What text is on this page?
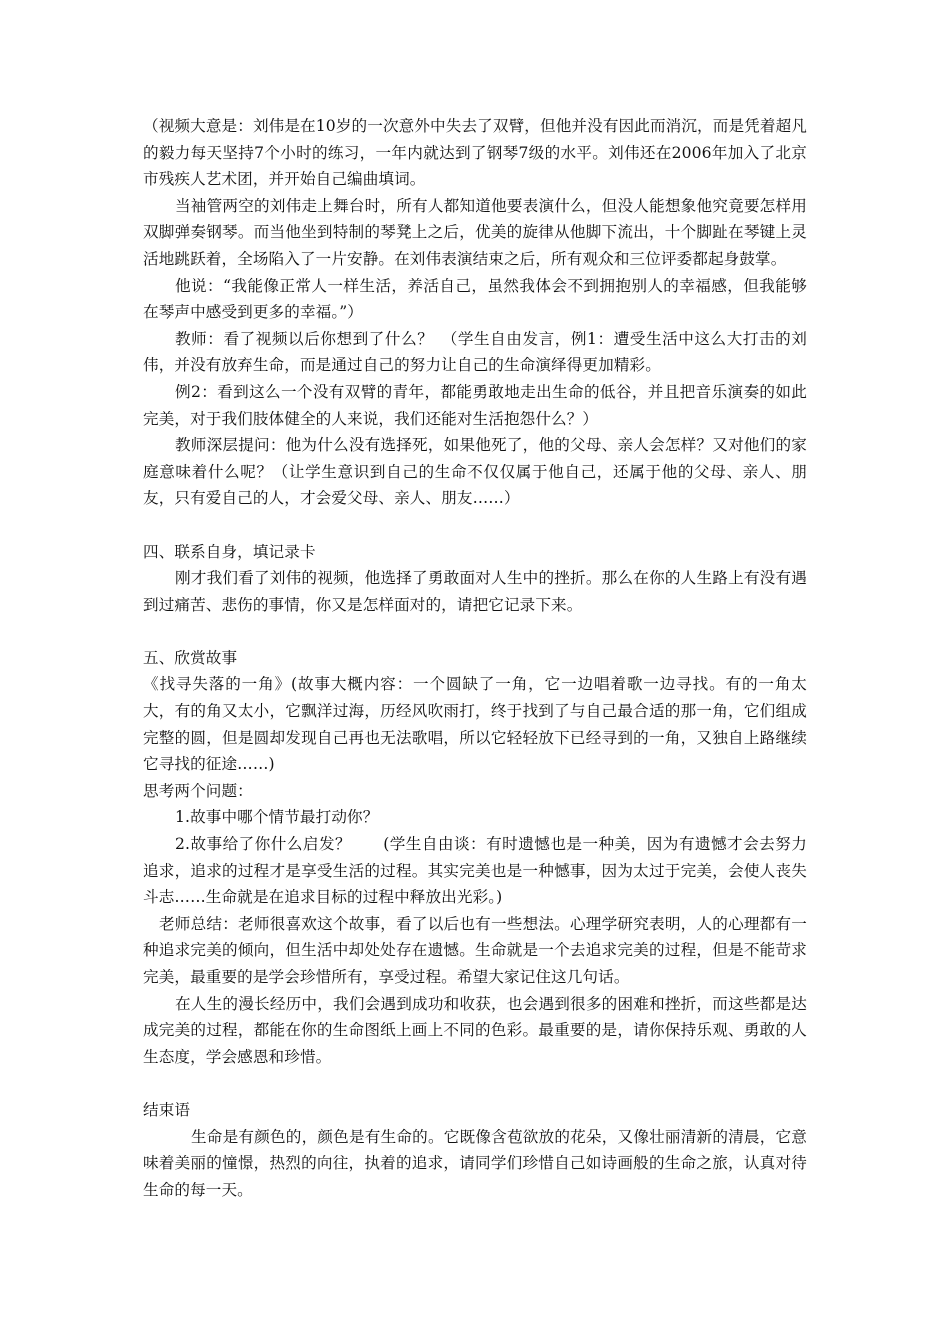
（视频大意是：刘伟是在10岁的一次意外中失去了双臂，但他并没有因此而消沉，而是凭着超凡的毅力每天坚持7个小时的练习，一年内就达到了钢琴7级的水平。刘伟还在2006年加入了北京市残疾人艺术团，并开始自己编曲填词。

当袖管两空的刘伟走上舞台时，所有人都知道他要表演什么，但没人能想象他究竟要怎样用双脚弹奏钢琴。而当他坐到特制的琴凳上之后，优美的旋律从他脚下流出，十个脚趾在琴键上灵活地跳跃着，全场陷入了一片安静。在刘伟表演结束之后，所有观众和三位评委都起身鼓掌。

他说：“我能像正常人一样生活，养活自己，虽然我体会不到拥抱别人的幸福感，但我能够在琴声中感受到更多的幸福。”）

教师：看了视频以后你想到了什么？　（学生自由发言，例1：遭受生活中这么大打击的刘伟，并没有放弃生命，而是通过自己的努力让自己的生命演绎得更加精彩。

例2：看到这么一个没有双臂的青年，都能勇敢地走出生命的低谷，并且把音乐演奏的如此完美，对于我们肢体健全的人来说，我们还能对生活抱怨什么？）

教师深层提问：他为什么没有选择死，如果他死了，他的父母、亲人会怎样？又对他们的家庭意味着什么呢？（让学生意识到自己的生命不仅仅属于他自己，还属于他的父母、亲人、朋友，只有爱自己的人，才会爱父母、亲人、朋友……）

四、联系自身，填记录卡

刚才我们看了刘伟的视频，他选择了勇敢面对人生中的挫折。那么在你的人生路上有没有遇到过痛苦、悲伤的事情，你又是怎样面对的，请把它记录下来。

五、欣赏故事

《找寻失落的一角》(故事大概内容：一个圆缺了一角，它一边唱着歌一边寻找。有的一角太大，有的角又太小，它飘洋过海，历经风吹雨打，终于找到了与自己最合适的那一角，它们组成完整的圆，但是圆却发现自己再也无法歌唱，所以它轻轻放下已经寻到的一角，又独自上路继续它寻找的征途……)

思考两个问题：

1.故事中哪个情节最打动你？

2.故事给了你什么启发？　　(学生自由谈：有时遗憾也是一种美，因为有遗憾才会去努力追求，追求的过程才是享受生活的过程。其实完美也是一种憾事，因为太过于完美，会使人丧失斗志……生命就是在追求目标的过程中释放出光彩。)

老师总结：老师很喜欢这个故事，看了以后也有一些想法。心理学研究表明，人的心理都有一种追求完美的倾向，但生活中却处处存在遗憾。生命就是一个去追求完美的过程，但是不能苛求完美，最重要的是学会珍惜所有，享受过程。希望大家记住这几句话。

在人生的漫长经历中，我们会遇到成功和收获，也会遇到很多的困难和挫折，而这些都是达成完美的过程，都能在你的生命图纸上画上不同的色彩。最重要的是，请你保持乐观、勇敢的人生态度，学会感恩和珍惜。

结束语

生命是有颜色的，颜色是有生命的。它既像含苞欲放的花朵，又像壮丽清新的清晨，它意味着美丽的憧憬，热烈的向往，执着的追求，请同学们珍惜自己如诗画般的生命之旅，认真对待生命的每一天。
